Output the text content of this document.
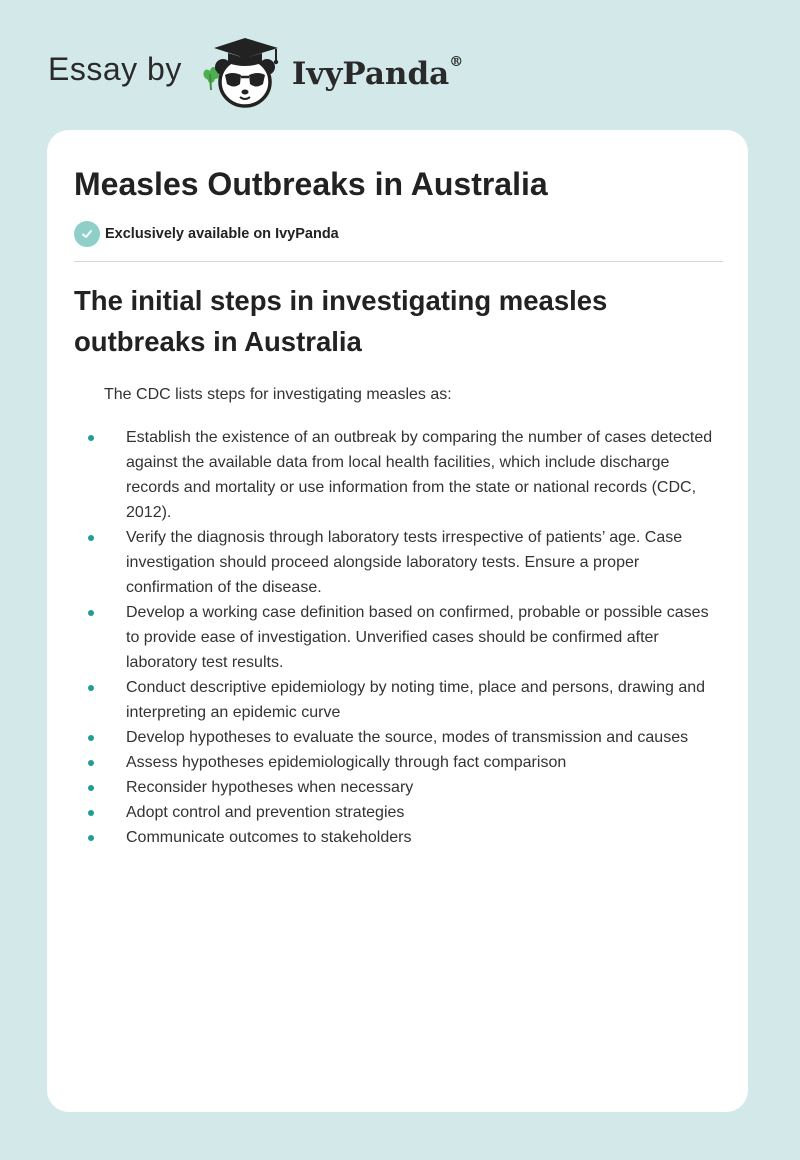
Essay by	IvyPanda®
Measles Outbreaks in Australia
Exclusively available on IvyPanda
The initial steps in investigating measles outbreaks in Australia

The CDC lists steps for investigating measles as:

Establish the existence of an outbreak by comparing the number of cases detected against the available data from local health facilities, which include discharge records and mortality or use information from the state or national records (CDC, 2012).
Verify the diagnosis through laboratory tests irrespective of patients’ age. Case investigation should proceed alongside laboratory tests. Ensure a proper confirmation of the disease.
Develop a working case definition based on confirmed, probable or possible cases to provide ease of investigation. Unverified cases should be confirmed after laboratory test results.
Conduct descriptive epidemiology by noting time, place and persons, drawing and interpreting an epidemic curve
Develop hypotheses to evaluate the source, modes of transmission and causes
Assess hypotheses epidemiologically through fact comparison
Reconsider hypotheses when necessary
Adopt control and prevention strategies
Communicate outcomes to stakeholders
